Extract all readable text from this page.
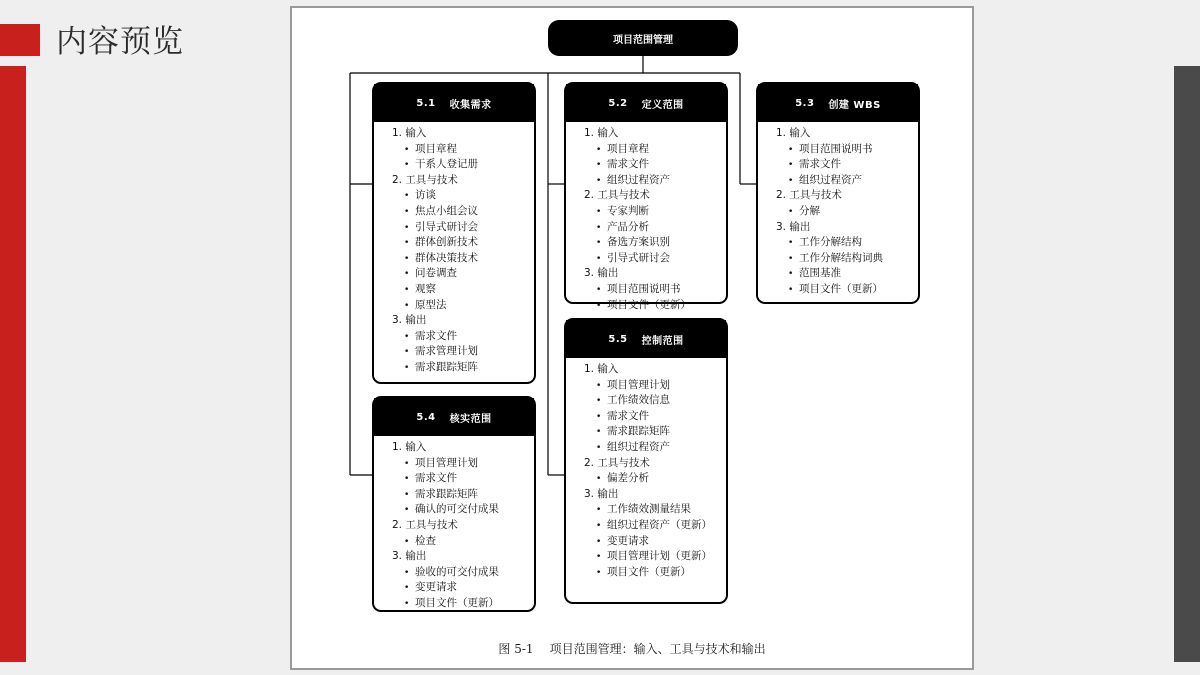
内容预览	项目范围管理
5.1 收集需求
1. 输入
• 项目章程
• 干系人登记册
2. 工具与技术
• 访谈
• 焦点小组会议
• 引导式研讨会
• 群体创新技术
• 群体决策技术
• 问卷调查
• 观察
• 原型法
3. 输出
• 需求文件
• 需求管理计划
• 需求跟踪矩阵
5.2 定义范围
1. 输入
• 项目章程
• 需求文件
• 组织过程资产
2. 工具与技术
• 专家判断
• 产品分析
• 备选方案识别
• 引导式研讨会
3. 输出
• 项目范围说明书
• 项目文件（更新）
5.3 创建 WBS
1. 输入
• 项目范围说明书
• 需求文件
• 组织过程资产
2. 工具与技术
• 分解
3. 输出
• 工作分解结构
• 工作分解结构词典
• 范围基准
• 项目文件（更新）
5.4 核实范围
1. 输入
• 项目管理计划
• 需求文件
• 需求跟踪矩阵
• 确认的可交付成果
2. 工具与技术
• 检查
3. 输出
• 验收的可交付成果
• 变更请求
• 项目文件（更新）
5.5 控制范围
1. 输入
• 项目管理计划
• 工作绩效信息
• 需求文件
• 需求跟踪矩阵
• 组织过程资产
2. 工具与技术
• 偏差分析
3. 输出
• 工作绩效测量结果
• 组织过程资产（更新）
• 变更请求
• 项目管理计划（更新）
• 项目文件（更新）
图 5-1 项目范围管理：输入、工具与技术和输出
